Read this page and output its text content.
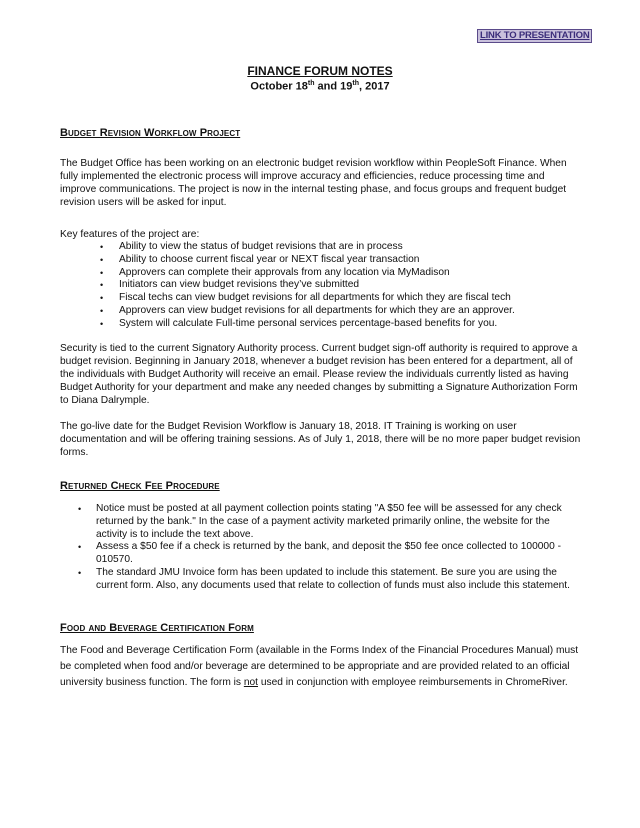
LINK TO PRESENTATION
FINANCE FORUM NOTES
October 18th and 19th, 2017
Budget Revision Workflow Project

The Budget Office has been working on an electronic budget revision workflow within PeopleSoft Finance. When fully implemented the electronic process will improve accuracy and efficiencies, reduce processing time and improve communications. The project is now in the internal testing phase, and focus groups and frequent budget revision users will be asked for input.

Key features of the project are:

• Ability to view the status of budget revisions that are in process
• Ability to choose current fiscal year or NEXT fiscal year transaction
• Approvers can complete their approvals from any location via MyMadison
• Initiators can view budget revisions they’ve submitted
• Fiscal techs can view budget revisions for all departments for which they are fiscal tech
• Approvers can view budget revisions for all departments for which they are an approver.
• System will calculate Full-time personal services percentage-based benefits for you.

Security is tied to the current Signatory Authority process. Current budget sign-off authority is required to approve a budget revision. Beginning in January 2018, whenever a budget revision has been entered for a department, all of the individuals with Budget Authority will receive an email. Please review the individuals currently listed as having Budget Authority for your department and make any needed changes by submitting a Signature Authorization Form to Diana Dalrymple.

The go-live date for the Budget Revision Workflow is January 18, 2018. IT Training is working on user documentation and will be offering training sessions. As of July 1, 2018, there will be no more paper budget revision forms.

Returned Check Fee Procedure
• Notice must be posted at all payment collection points stating "A $50 fee will be assessed for any check returned by the bank." In the case of a payment activity marketed primarily online, the website for the activity is to include the text above.
• Assess a $50 fee if a check is returned by the bank, and deposit the $50 fee once collected to 100000 - 010570.
• The standard JMU Invoice form has been updated to include this statement. Be sure you are using the current form. Also, any documents used that relate to collection of funds must also include this statement.
Food and Beverage Certification Form

The Food and Beverage Certification Form (available in the Forms Index of the Financial Procedures Manual) must be completed when food and/or beverage are determined to be appropriate and are provided related to an official university business function. The form is not used in conjunction with employee reimbursements in ChromeRiver.
